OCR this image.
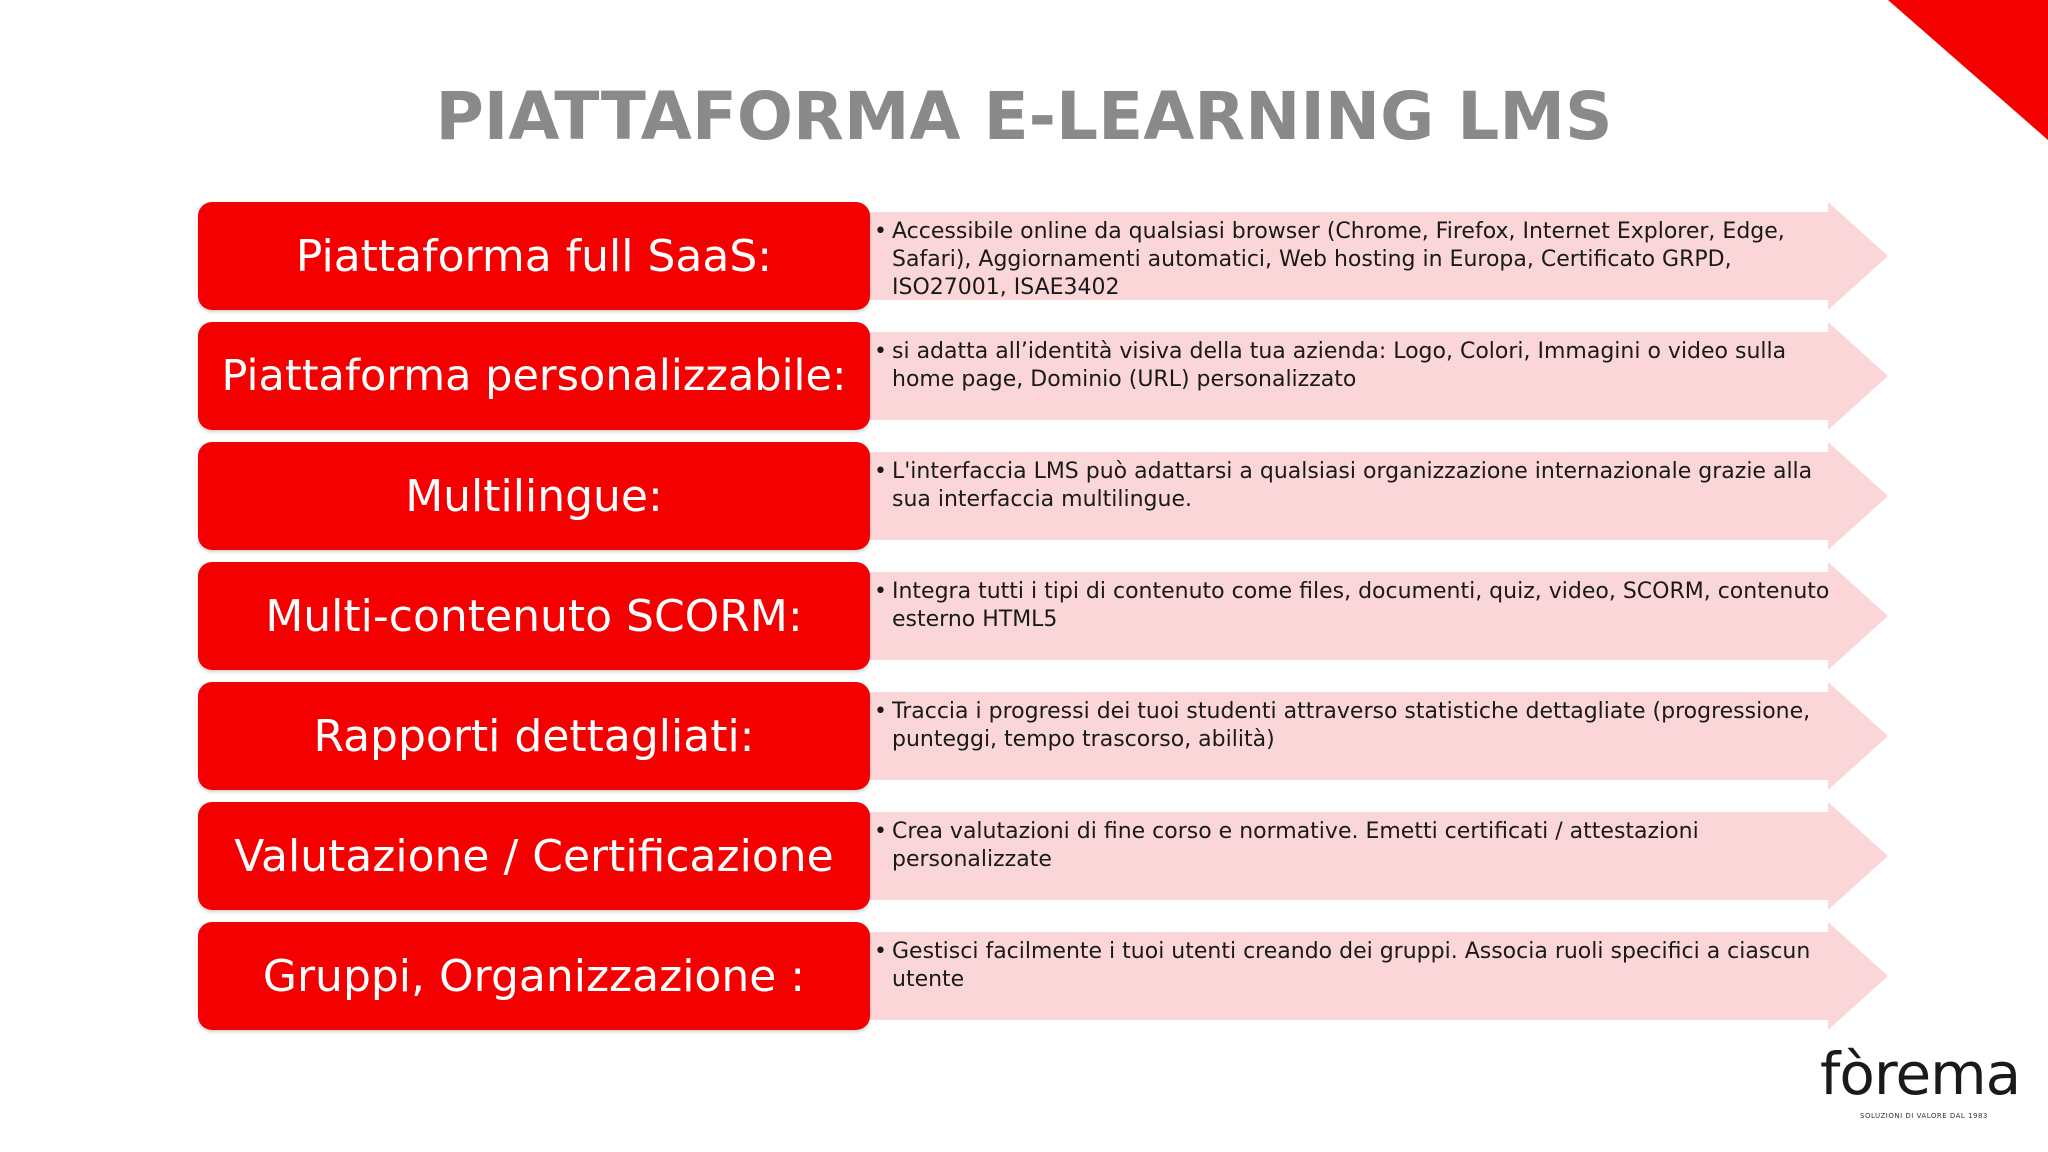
PIATTAFORMA E-LEARNING LMS
• Accessibile online da qualsiasi browser (Chrome, Firefox, Internet Explorer, Edge, Safari), Aggiornamenti automatici, Web hosting in Europa, Certificato GRPD, ISO27001, ISAE3402
Piattaforma full SaaS:
• si adatta all’identità visiva della tua azienda: Logo, Colori, Immagini o video sulla home page, Dominio (URL) personalizzato
Piattaforma personalizzabile:
• L'interfaccia LMS può adattarsi a qualsiasi organizzazione internazionale grazie alla sua interfaccia multilingue.
Multilingue:
• Integra tutti i tipi di contenuto come files, documenti, quiz, video, SCORM, contenuto esterno HTML5
Multi-contenuto SCORM:
• Traccia i progressi dei tuoi studenti attraverso statistiche dettagliate (progressione, punteggi, tempo trascorso, abilità)
Rapporti dettagliati:
• Crea valutazioni di fine corso e normative. Emetti certificati / attestazioni personalizzate
Valutazione / Certificazione
• Gestisci facilmente i tuoi utenti creando dei gruppi. Associa ruoli specifici a ciascun utente
Gruppi, Organizzazione :
fòrema
SOLUZIONI DI VALORE DAL 1983
